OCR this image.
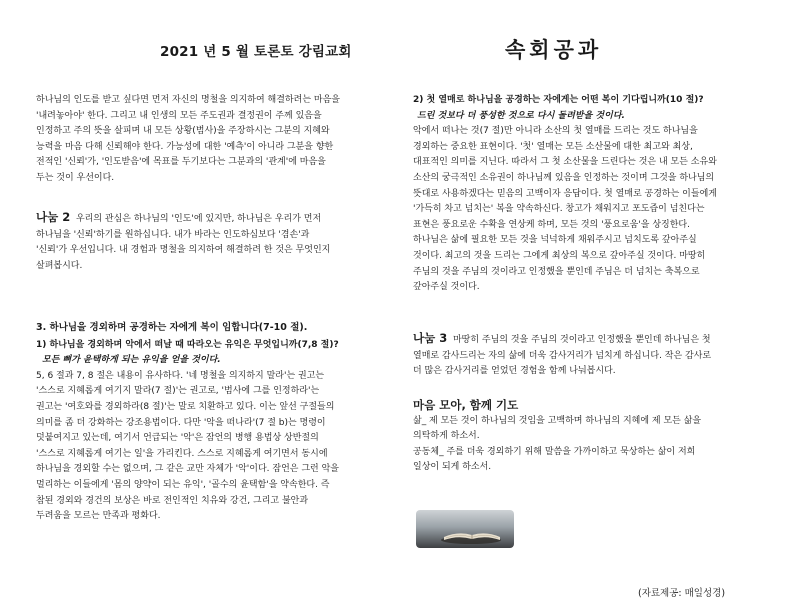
2021 년 5 월 토론토 강림교회	속회공과

하나님의 인도를 받고 싶다면 먼저 자신의 명철을 의지하여 해결하려는 마음을

'내려놓아야' 한다. 그리고 내 인생의 모든 주도권과 결정권이 주께 있음을

인정하고 주의 뜻을 살피며 내 모든 상황(범사)을 주장하시는 그분의 지혜와

능력을 마음 다해 신뢰해야 한다. 가능성에 대한 '예측'이 아니라 그분을 향한

전적인 '신뢰'가, '인도받음'에 목표를 두기보다는 그분과의 '관계'에 마음을

두는 것이 우선이다.

나눔 2 우리의 관심은 하나님의 '인도'에 있지만, 하나님은 우리가 먼저

하나님을 '신뢰'하기를 원하십니다. 내가 바라는 인도하심보다 '겸손'과

'신뢰'가 우선입니다. 내 경험과 명철을 의지하여 해결하려 한 것은 무엇인지

살펴봅시다.

3. 하나님을 경외하며 공경하는 자에게 복이 임합니다(7-10 절).

1) 하나님을 경외하며 악에서 떠날 때 따라오는 유익은 무엇입니까(7,8 절)?

모든 뼈가 윤택하게 되는 유익을 얻을 것이다.

5, 6 절과 7, 8 절은 내용이 유사하다. '네 명철을 의지하지 말라'는 권고는

'스스로 지혜롭게 여기지 말라(7 절)'는 권고로, '범사에 그를 인정하라'는

권고는 '여호와를 경외하라(8 절)'는 말로 치환하고 있다. 이는 앞선 구절들의

의미를 좀 더 강화하는 강조용법이다. 다만 '악을 떠나라'(7 절 b)는 명령이

덧붙여지고 있는데, 여기서 언급되는 '악'은 잠언의 병행 용법상 상반절의

'스스로 지혜롭게 여기는 일'을 가리킨다. 스스로 지혜롭게 여기면서 동시에

하나님을 경외할 수는 없으며, 그 같은 교만 자체가 '악'이다. 잠언은 그런 악을

멀리하는 이들에게 '몸의 양약이 되는 유익', '골수의 윤택함'을 약속한다. 즉

참된 경외와 경건의 보상은 바로 전인적인 치유와 강건, 그리고 불안과

두려움을 모르는 만족과 평화다.

2) 첫 열매로 하나님을 공경하는 자에게는 어떤 복이 기다립니까(10 절)?

드린 것보다 더 풍성한 것으로 다시 돌려받을 것이다.

악에서 떠나는 것(7 절)만 아니라 소산의 첫 열매를 드리는 것도 하나님을

경외하는 중요한 표현이다. '첫' 열매는 모든 소산물에 대한 최고와 최상,

대표적인 의미를 지닌다. 따라서 그 첫 소산물을 드린다는 것은 내 모든 소유와

소산의 궁극적인 소유권이 하나님께 있음을 인정하는 것이며 그것을 하나님의

뜻대로 사용하겠다는 믿음의 고백이자 응답이다. 첫 열매로 공경하는 이들에게

'가득히 차고 넘치는' 복을 약속하신다. 창고가 채워지고 포도즙이 넘친다는

표현은 풍요로운 수확을 연상케 하며, 모든 것의 '풍요로움'을 상징한다.

하나님은 삶에 필요한 모든 것을 넉넉하게 채워주시고 넘치도록 갚아주실

것이다. 최고의 것을 드리는 그에게 최상의 복으로 갚아주실 것이다. 마땅히

주님의 것을 주님의 것이라고 인정했을 뿐인데 주님은 더 넘치는 축복으로

갚아주실 것이다.

나눔 3 마땅히 주님의 것을 주님의 것이라고 인정했을 뿐인데 하나님은 첫

열매로 감사드리는 자의 삶에 더욱 감사거리가 넘치게 하십니다. 작은 감사로

더 많은 감사거리를 얻었던 경험을 함께 나눠봅시다.

마음 모아, 함께 기도

삶_ 제 모든 것이 하나님의 것임을 고백하며 하나님의 지혜에 제 모든 삶을

의탁하게 하소서.

공동체_ 주를 더욱 경외하기 위해 말씀을 가까이하고 묵상하는 삶이 저희

일상이 되게 하소서.

(자료제공: 매일성경)
